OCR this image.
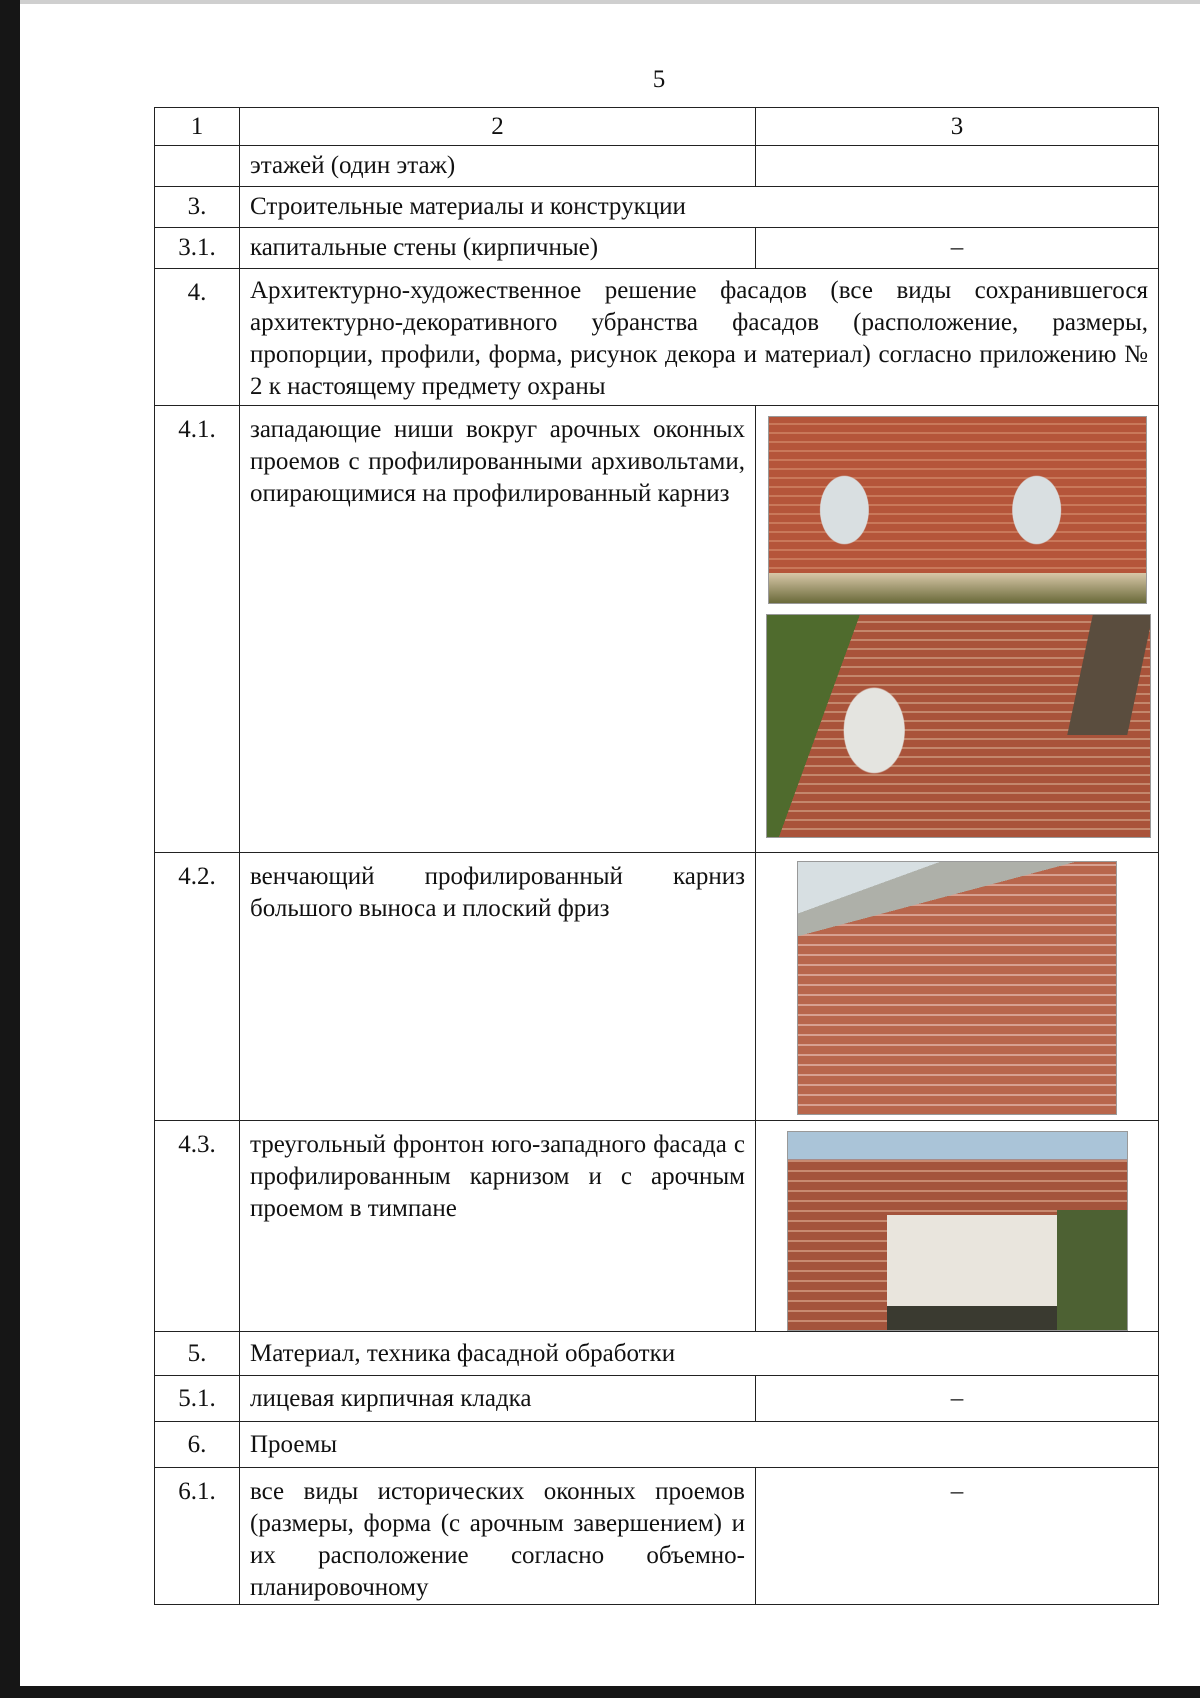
5
1	2	3
	этажей (один этаж)	
3.	Строительные материалы и конструкции	
3.1.	капитальные стены (кирпичные)	–
4.	Архитектурно-художественное решение фасадов (все виды сохранившегося архитектурно-декоративного убранства фасадов (расположение, размеры, пропорции, профили, форма, рисунок декора и материал) согласно приложению № 2 к настоящему предмету охраны	
4.1.	западающие ниши вокруг арочных оконных проемов с профилированными архивольтами, опирающимися на профилированный карниз	

4.2.	венчающий профилированный карниз большого выноса и плоский фриз	

4.3.	треугольный фронтон юго-западного фасада с профилированным карнизом и с арочным проемом в тимпане	

5.	Материал, техника фасадной обработки	
5.1.	лицевая кирпичная кладка	–
6.	Проемы	
6.1.	все виды исторических оконных проемов (размеры, форма (с арочным завершением) и их расположение согласно объемно-планировочному	–
